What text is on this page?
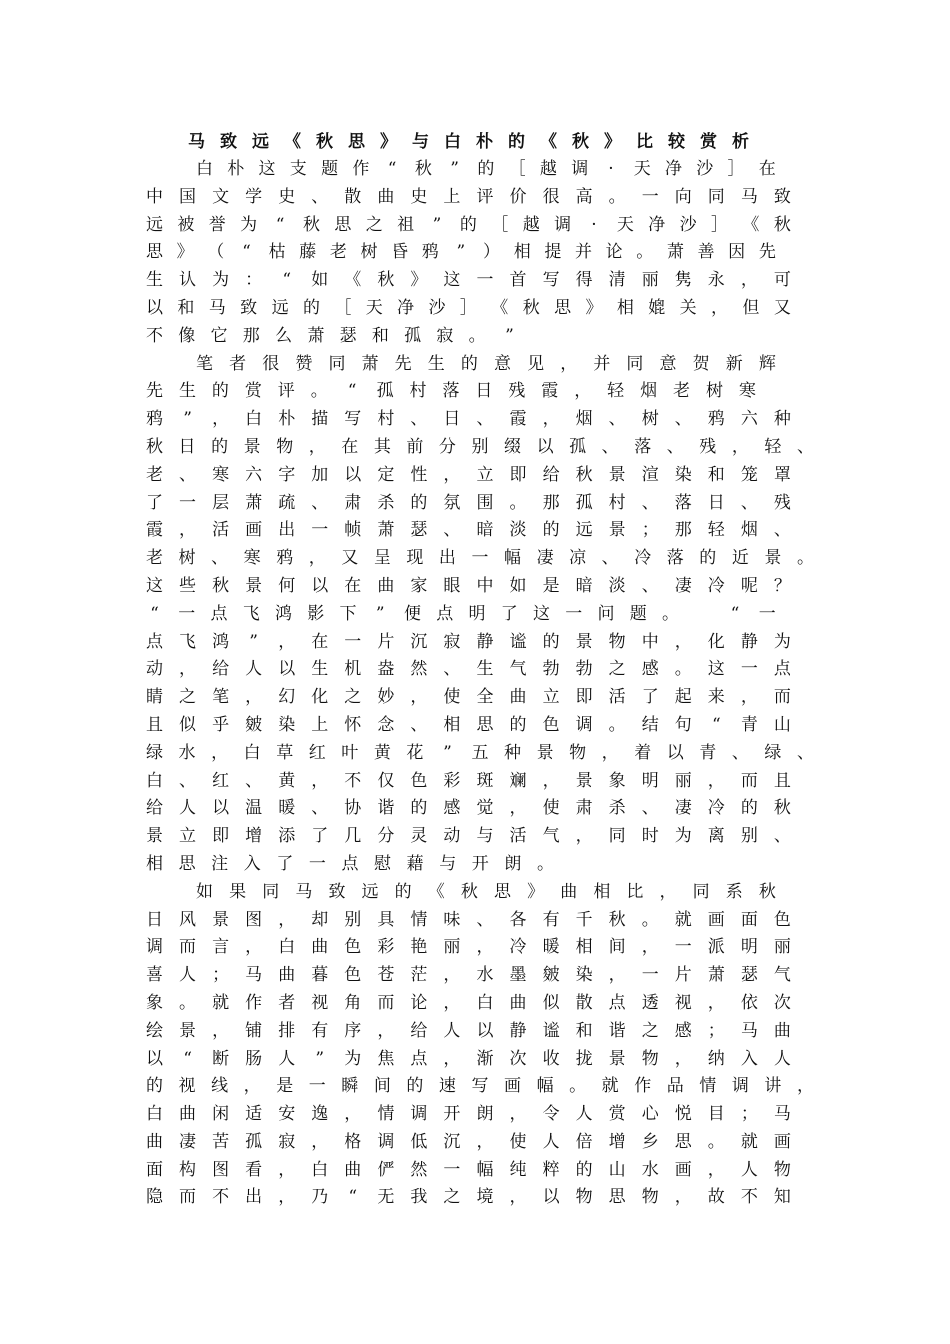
马致远《秋思》与白朴的《秋》比较赏析
白 朴 这 支 题 作 “ 秋 ” 的 ［ 越 调	·	天 净 沙 ］ 在
中 国 文 学 史 、 散 曲 史 上 评 价 很 高 。 一 向 同 马 致
远 被 誉 为 “ 秋 思 之 祖 ” 的 ［ 越 调	·	天 净 沙 ］ 《 秋
思 》 （ “ 枯 藤 老 树 昏 鸦 ” ） 相 提 并 论 。 萧 善 因 先
生 认 为 ： “ 如 《 秋 》 这 一 首 写 得 清 丽 隽 永 ， 可
以 和 马 致 远 的 ［ 天 净 沙 ］ 《 秋 思 》 相 媲 关 ， 但 又
不 像 它 那 么 萧 瑟 和 孤 寂 。 ”
笔 者 很 赞 同 萧 先 生 的 意 见 ， 并 同 意 贺 新 辉
先 生 的 赏 评 。 “ 孤 村 落 日 残 霞 ， 轻 烟 老 树 寒
鸦 ” ， 白 朴 描 写 村 、 日 、 霞 ， 烟 、 树 、 鸦 六 种
秋 日 的 景 物 ， 在 其 前 分 别 缀 以 孤 、 落 、 残 ， 轻 、
老 、 寒 六 字 加 以 定 性 ， 立 即 给 秋 景 渲 染 和 笼 罩
了 一 层 萧 疏 、 肃 杀 的 氛 围 。 那 孤 村 、 落 日 、 残
霞 ， 活 画 出 一 帧 萧 瑟 、 暗 淡 的 远 景 ； 那 轻 烟 、
老 树 、 寒 鸦 ， 又 呈 现 出 一 幅 凄 凉 、 冷 落 的 近 景 。
这 些 秋 景 何 以 在 曲 家 眼 中 如 是 暗 淡 、 凄 冷 呢 ？
“ 一 点 飞 鸿 影 下 ” 便 点 明 了 这 一 问 题 。
	“ 一
点 飞 鸿 ” ， 在 一 片 沉 寂 静 谧 的 景 物 中 ， 化 静 为
动 ， 给 人 以 生 机 盎 然 、 生 气 勃 勃 之 感 。 这 一 点
睛 之 笔 ， 幻 化 之 妙 ， 使 全 曲 立 即 活 了 起 来 ， 而
且 似 乎 皴 染 上 怀 念 、 相 思 的 色 调 。 结 句 “ 青 山
绿 水 ， 白 草 红 叶 黄 花 ” 五 种 景 物 ， 着 以 青 、 绿 、
白 、 红 、 黄 ， 不 仅 色 彩 斑 斓 ， 景 象 明 丽 ， 而 且
给 人 以 温 暖 、 协 谐 的 感 觉 ， 使 肃 杀 、 凄 冷 的 秋
景 立 即 增 添 了 几 分 灵 动 与 活 气 ， 同 时 为 离 别 、
相 思 注 入 了 一 点 慰 藉 与 开 朗 。
如 果 同 马 致 远 的 《 秋 思 》 曲 相 比 ， 同 系 秋
日 风 景 图 ， 却 别 具 情 味 、 各 有 千 秋 。 就 画 面 色
调 而 言 ， 白 曲 色 彩 艳 丽 ， 冷 暖 相 间 ， 一 派 明 丽
喜 人 ； 马 曲 暮 色 苍 茫 ， 水 墨 皴 染 ， 一 片 萧 瑟 气
象 。 就 作 者 视 角 而 论 ， 白 曲 似 散 点 透 视 ， 依 次
绘 景 ， 铺 排 有 序 ， 给 人 以 静 谧 和 谐 之 感 ； 马 曲
以 “ 断 肠 人 ” 为 焦 点 ， 渐 次 收 拢 景 物 ， 纳 入 人
的 视 线 ， 是 一 瞬 间 的 速 写 画 幅 。 就 作 品 情 调 讲 ，
白 曲 闲 适 安 逸 ， 情 调 开 朗 ， 令 人 赏 心 悦 目 ； 马
曲 凄 苦 孤 寂 ， 格 调 低 沉 ， 使 人 倍 增 乡 思 。 就 画
面 构 图 看 ， 白 曲 俨 然 一 幅 纯 粹 的 山 水 画 ， 人 物
隐 而 不 出 ， 乃 “ 无 我 之 境 ， 以 物 思 物 ， 故 不 知
